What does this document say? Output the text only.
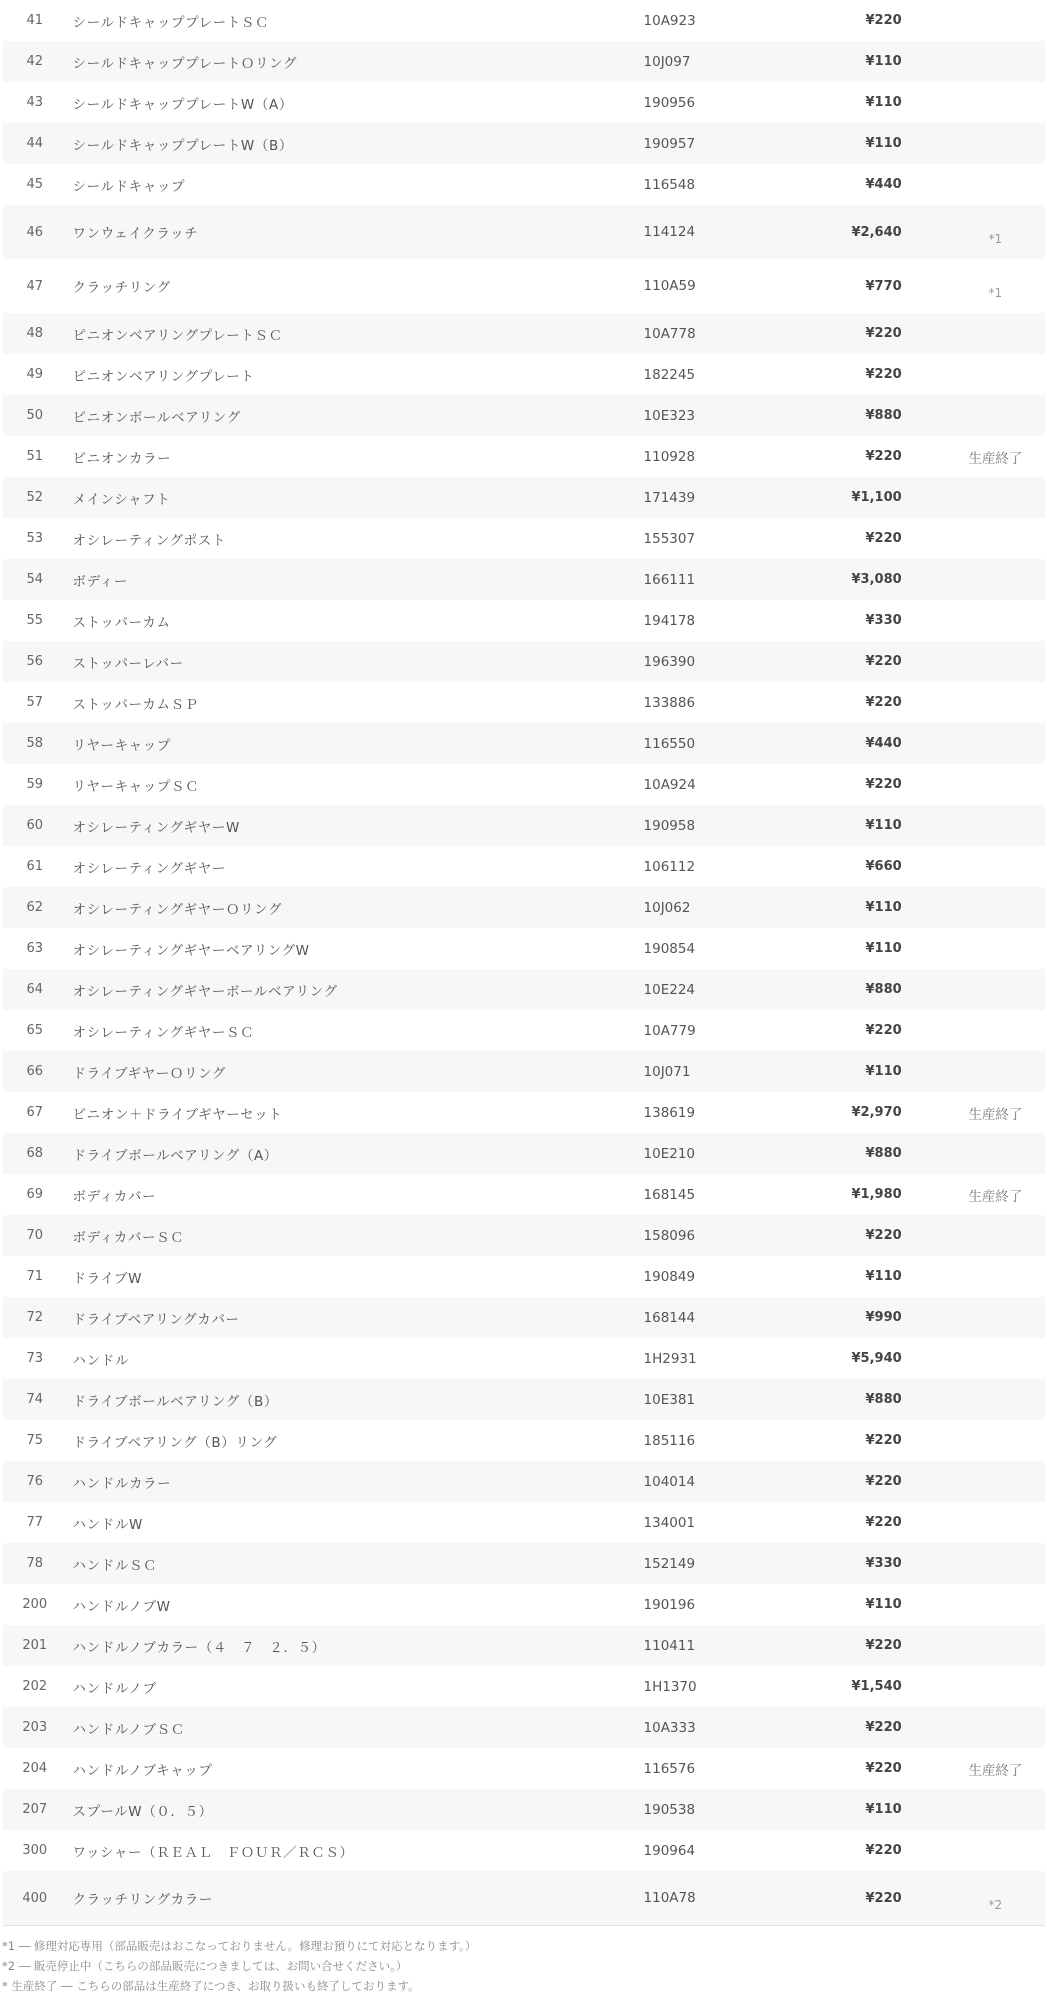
41	シールドキャッププレートＳＣ	10A923	¥220
42	シールドキャッププレートＯリング	10J097	¥110
43	シールドキャッププレートW（A）	190956	¥110
44	シールドキャッププレートW（B）	190957	¥110
45	シールドキャップ	116548	¥440
46	ワンウェイクラッチ	114124	¥2,640	*1
47	クラッチリング	110A59	¥770	*1
48	ピニオンベアリングプレートＳＣ	10A778	¥220
49	ピニオンベアリングプレート	182245	¥220
50	ピニオンボールベアリング	10E323	¥880
51	ピニオンカラー	110928	¥220	生産終了
52	メインシャフト	171439	¥1,100
53	オシレーティングポスト	155307	¥220
54	ボディー	166111	¥3,080
55	ストッパーカム	194178	¥330
56	ストッパーレバー	196390	¥220
57	ストッパーカムＳＰ	133886	¥220
58	リヤーキャップ	116550	¥440
59	リヤーキャップＳＣ	10A924	¥220
60	オシレーティングギヤーW	190958	¥110
61	オシレーティングギヤー	106112	¥660
62	オシレーティングギヤーＯリング	10J062	¥110
63	オシレーティングギヤーベアリングW	190854	¥110
64	オシレーティングギヤーボールベアリング	10E224	¥880
65	オシレーティングギヤーＳＣ	10A779	¥220
66	ドライブギヤーＯリング	10J071	¥110
67	ピニオン＋ドライブギヤーセット	138619	¥2,970	生産終了
68	ドライブボールベアリング（A）	10E210	¥880
69	ボディカバー	168145	¥1,980	生産終了
70	ボディカバーＳＣ	158096	¥220
71	ドライブW	190849	¥110
72	ドライブベアリングカバー	168144	¥990
73	ハンドル	1H2931	¥5,940
74	ドライブボールベアリング（B）	10E381	¥880
75	ドライブベアリング（B）リング	185116	¥220
76	ハンドルカラー	104014	¥220
77	ハンドルW	134001	¥220
78	ハンドルＳＣ	152149	¥330
200	ハンドルノブW	190196	¥110
201	ハンドルノブカラー（４　７　２．５）	110411	¥220
202	ハンドルノブ	1H1370	¥1,540
203	ハンドルノブＳＣ	10A333	¥220
204	ハンドルノブキャップ	116576	¥220	生産終了
207	スプールW（０．５）	190538	¥110
300	ワッシャー（ＲＥＡＬ　ＦＯＵＲ／ＲＣＳ）	190964	¥220
400	クラッチリングカラー	110A78	¥220	*2
*1 ― 修理対応専用（部品販売はおこなっておりません。修理お預りにて対応となります。）
*2 ― 販売停止中（こちらの部品販売につきましては、お問い合せください。）
* 生産終了 ― こちらの部品は生産終了につき、お取り扱いも終了しております。
